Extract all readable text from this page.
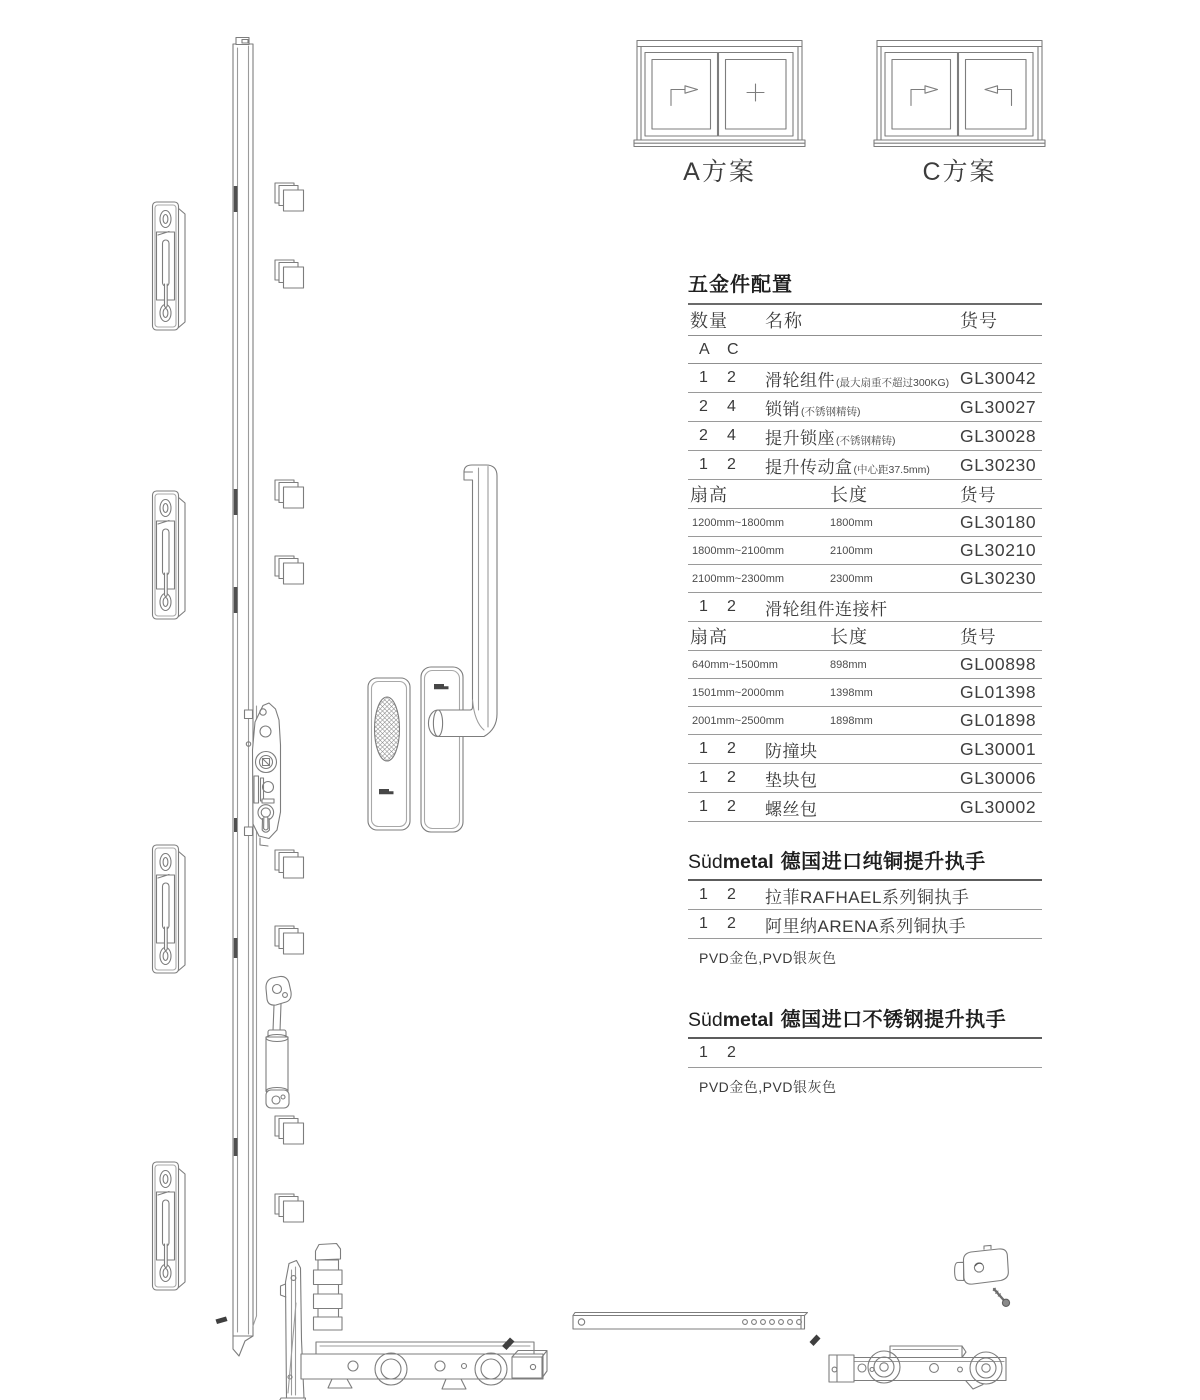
A方案	C方案
五金件配置
数量	名称	货号
A	C
1	2	滑轮组件(最大扇重不超过300KG) GL30042
2	4	锁销(不锈钢精铸)	GL30027
2	4	提升锁座(不锈钢精铸)	GL30028
1	2	提升传动盒(中心距37.5mm)	GL30230
扇高	长度	货号
1200mm~1800mm	1800mm	GL30180
1800mm~2100mm	2100mm	GL30210
2100mm~2300mm	2300mm	GL30230
1	2	滑轮组件连接杆
扇高	长度	货号
640mm~1500mm	898mm	GL00898
1501mm~2000mm	1398mm	GL01398
2001mm~2500mm	1898mm	GL01898
1	2	防撞块	GL30001
1	2	垫块包	GL30006
1	2	螺丝包	GL30002
Südmetal 德国进口纯铜提升执手
1	2	拉菲RAFHAEL系列铜执手
1	2	阿里纳ARENA系列铜执手
PVD金色,PVD银灰色
Südmetal 德国进口不锈钢提升执手
1	2
PVD金色,PVD银灰色
